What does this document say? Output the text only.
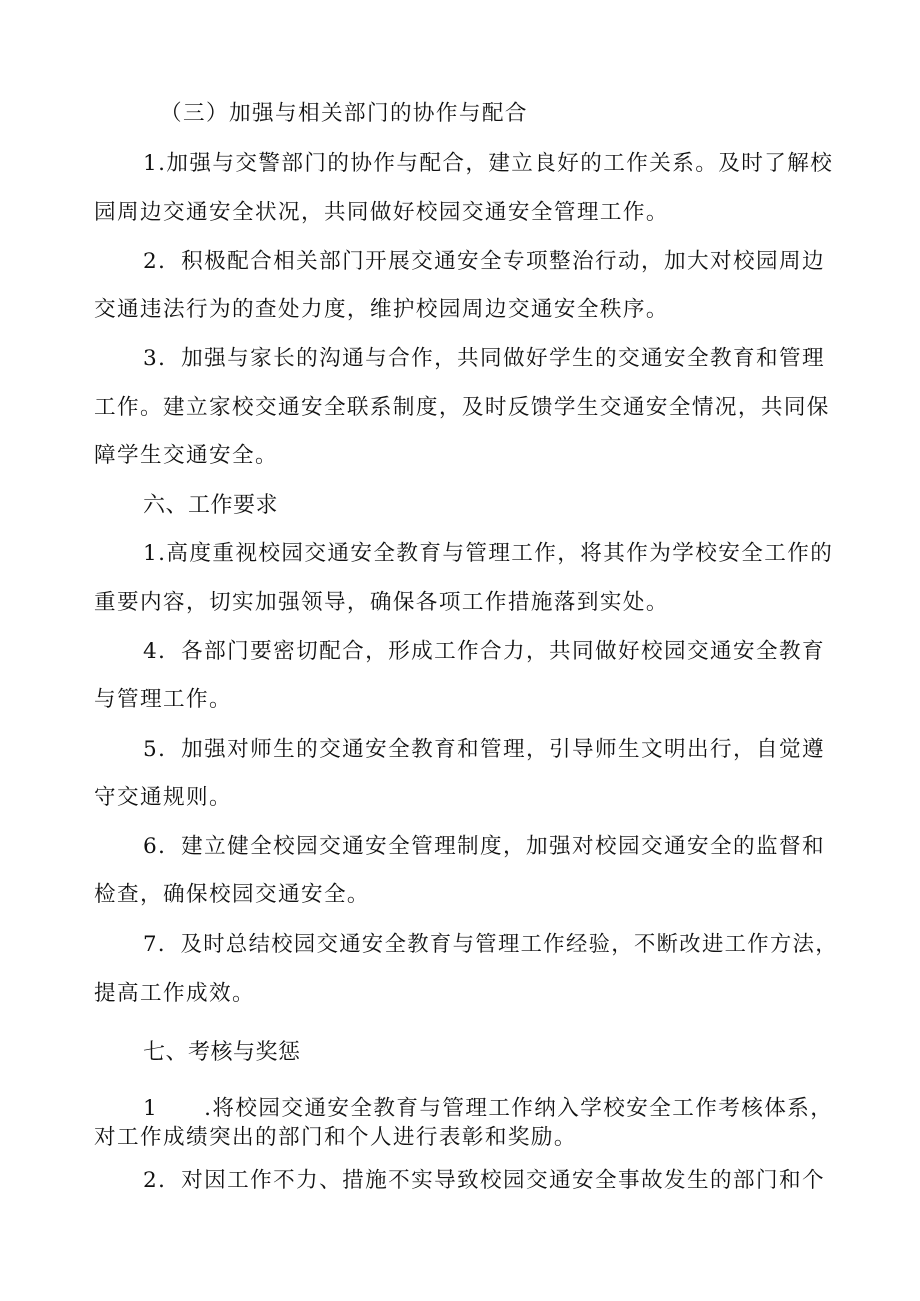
（三）加强与相关部门的协作与配合
1.加强与交警部门的协作与配合，建立良好的工作关系。及时了解校
园周边交通安全状况，共同做好校园交通安全管理工作。
2．积极配合相关部门开展交通安全专项整治行动，加大对校园周边
交通违法行为的查处力度，维护校园周边交通安全秩序。
3．加强与家长的沟通与合作，共同做好学生的交通安全教育和管理
工作。建立家校交通安全联系制度，及时反馈学生交通安全情况，共同保
障学生交通安全。
六、工作要求
1.高度重视校园交通安全教育与管理工作，将其作为学校安全工作的
重要内容，切实加强领导，确保各项工作措施落到实处。
4．各部门要密切配合，形成工作合力，共同做好校园交通安全教育
与管理工作。
5．加强对师生的交通安全教育和管理，引导师生文明出行，自觉遵
守交通规则。
6．建立健全校园交通安全管理制度，加强对校园交通安全的监督和
检查，确保校园交通安全。
7．及时总结校园交通安全教育与管理工作经验，不断改进工作方法，
提高工作成效。
七、考核与奖惩
1　　.将校园交通安全教育与管理工作纳入学校安全工作考核体系，
对工作成绩突出的部门和个人进行表彰和奖励。
2．对因工作不力、措施不实导致校园交通安全事故发生的部门和个
